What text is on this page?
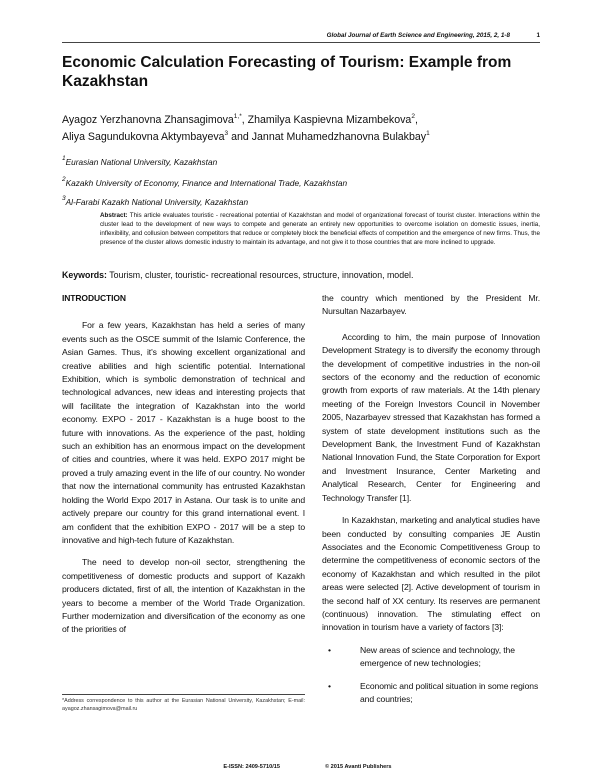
Global Journal of Earth Science and Engineering, 2015, 2, 1-8	1
Economic Calculation Forecasting of Tourism: Example from Kazakhstan
Ayagoz Yerzhanovna Zhansagimova$^{1,*}$, Zhamilya Kaspievna Mizambekova$^2$,
Aliya Sagundukovna Aktymbayeva$^3$ and Jannat Muhamedzhanovna Bulakbay$^1$
$^1$Eurasian National University, Kazakhstan
$^2$Kazakh University of Economy, Finance and International Trade, Kazakhstan
$^3$Al-Farabi Kazakh National University, Kazakhstan
Abstract: This article evaluates touristic - recreational potential of Kazakhstan and model of organizational forecast of tourist cluster. Interactions within the cluster lead to the development of new ways to compete and generate an entirely new opportunities to overcome isolation on domestic issues, inertia, inflexibility, and collusion between competitors that reduce or completely block the beneficial effects of competition and the emergence of new firms. Thus, the presence of the cluster allows domestic industry to maintain its advantage, and not give it to those countries that are more inclined to upgrade.
Keywords: Tourism, cluster, touristic- recreational resources, structure, innovation, model.
INTRODUCTION

For a few years, Kazakhstan has held a series of many events such as the OSCE summit of the Islamic Conference, the Asian Games. Thus, it's showing excellent organizational and creative abilities and high scientific potential. International Exhibition, which is symbolic demonstration of technical and technological advances, new ideas and interesting projects that will facilitate the integration of Kazakhstan into the world economy. EXPO - 2017 - Kazakhstan is a huge boost to the future with innovations. As the experience of the past, holding such an exhibition has an enormous impact on the development of cities and countries, where it was held. EXPO 2017 might be proved a truly amazing event in the life of our country. No wonder that now the international community has entrusted Kazakhstan holding the World Expo 2017 in Astana. Our task is to unite and actively prepare our country for this grand international event. I am confident that the exhibition EXPO - 2017 will be a step to innovative and high-tech future of Kazakhstan.

The need to develop non-oil sector, strengthening the competitiveness of domestic products and support of Kazakh producers dictated, first of all, the intention of Kazakhstan in the years to become a member of the World Trade Organization. Further modernization and diversification of the economy as one of the priorities of

the country which mentioned by the President Mr. Nursultan Nazarbayev.

According to him, the main purpose of Innovation Development Strategy is to diversify the economy through the development of competitive industries in the non-oil sectors of the economy and the reduction of economic growth from exports of raw materials. At the 14th plenary meeting of the Foreign Investors Council in November 2005, Nazarbayev stressed that Kazakhstan has formed a system of state development institutions such as the Development Bank, the Investment Fund of Kazakhstan National Innovation Fund, the State Corporation for Export and Investment Insurance, Center Marketing and Analytical Research, Center for Engineering and Technology Transfer [1].

In Kazakhstan, marketing and analytical studies have been conducted by consulting companies JE Austin Associates and the Economic Competitiveness Group to determine the competitiveness of economic sectors of the economy of Kazakhstan and which resulted in the pilot areas were selected [2]. Active development of tourism in the second half of XX century. Its reserves are permanent (continuous) innovation. The stimulating effect on innovation in tourism have a variety of factors [3]:

•	New areas of science and technology, the emergence of new technologies;
•	Economic and political situation in some regions and countries;
*Address correspondence to this author at the Eurasian National University, Kazakhstan; E-mail: ayagoz.zhansagimova@mail.ru
E-ISSN: 2409-5710/15	© 2015 Avanti Publishers
